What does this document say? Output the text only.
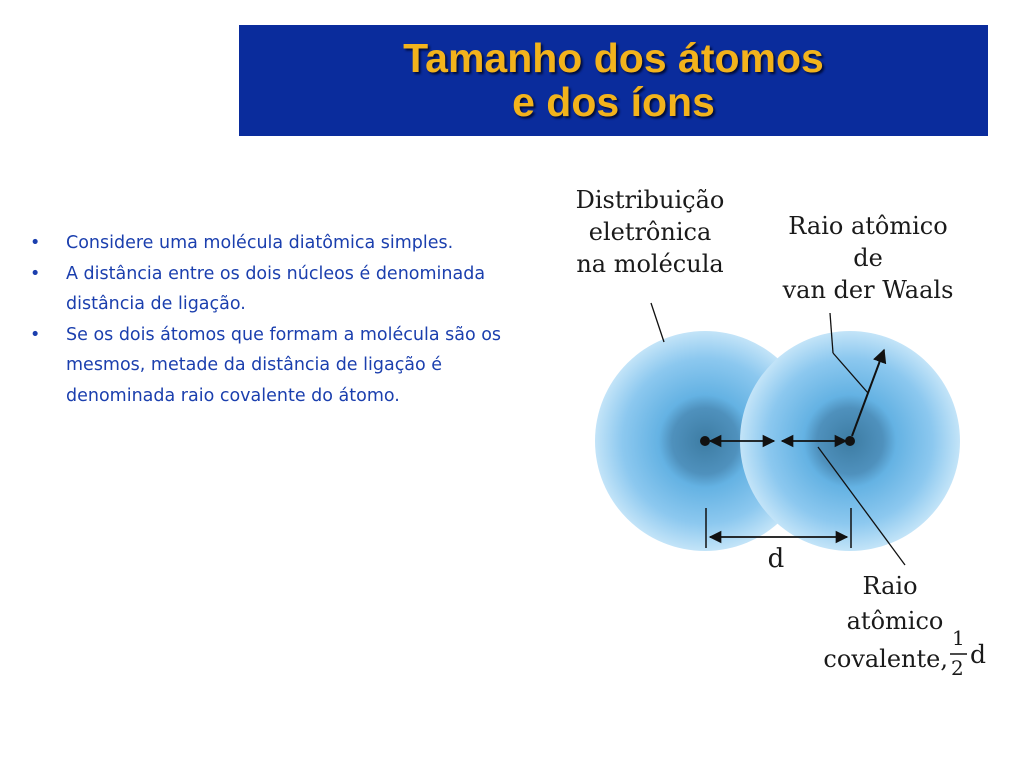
Tamanho dos átomos
e dos íons
• Considere uma molécula diatômica simples.
• A distância entre os dois núcleos é denominada distância de ligação.
• Se os dois átomos que formam a molécula são os mesmos, metade da distância de ligação é denominada raio covalente do átomo.
Distribuição
eletrônica
na molécula
Raio atômico
de
van der Waals
d
Raio
atômico
covalente,
1
2 d
